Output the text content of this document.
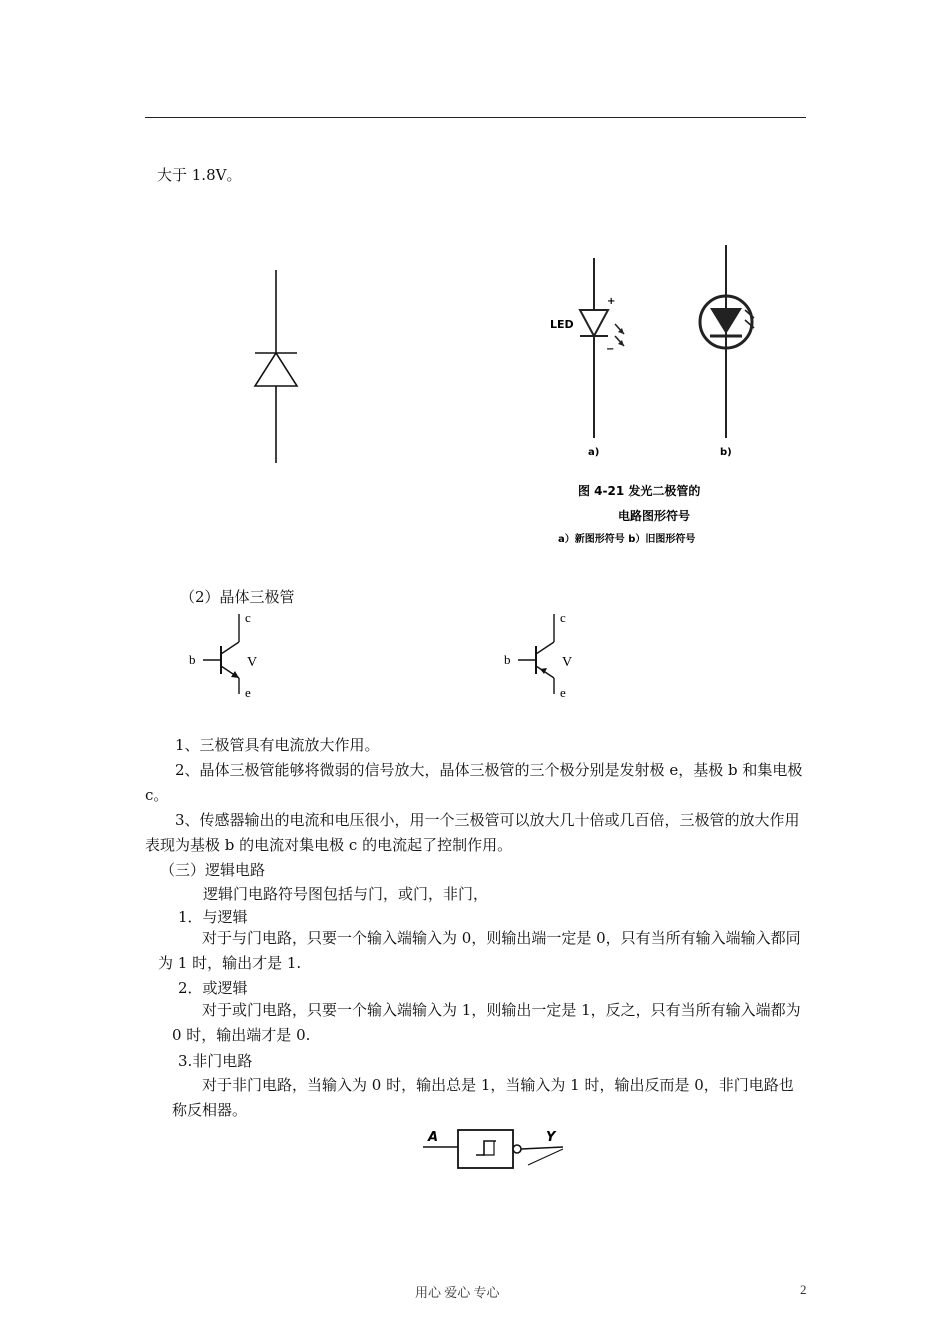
大于 1.8V。
LED
+
−
a)	b)
图 4-21 发光二极管的
电路图形符号
a）新图形符号 b）旧图形符号
（2）晶体三极管
c
b
e
V
c
b
e
V
1、三极管具有电流放大作用。
2、晶体三极管能够将微弱的信号放大，晶体三极管的三个极分别是发射极 e，基极 b 和集电极 c。
3、传感器输出的电流和电压很小，用一个三极管可以放大几十倍或几百倍，三极管的放大作用表现为基极 b 的电流对集电极 c 的电流起了控制作用。
（三）逻辑电路
逻辑门电路符号图包括与门，或门，非门，
1．与逻辑
对于与门电路，只要一个输入端输入为 0，则输出端一定是 0，只有当所有输入端输入都同为 1 时，输出才是 1.
2．或逻辑
对于或门电路，只要一个输入端输入为 1，则输出一定是 1，反之，只有当所有输入端都为 0 时，输出端才是 0.
3.非门电路
对于非门电路，当输入为 0 时，输出总是 1，当输入为 1 时，输出反而是 0，非门电路也称反相器。
A	Y
用心 爱心 专心	2
